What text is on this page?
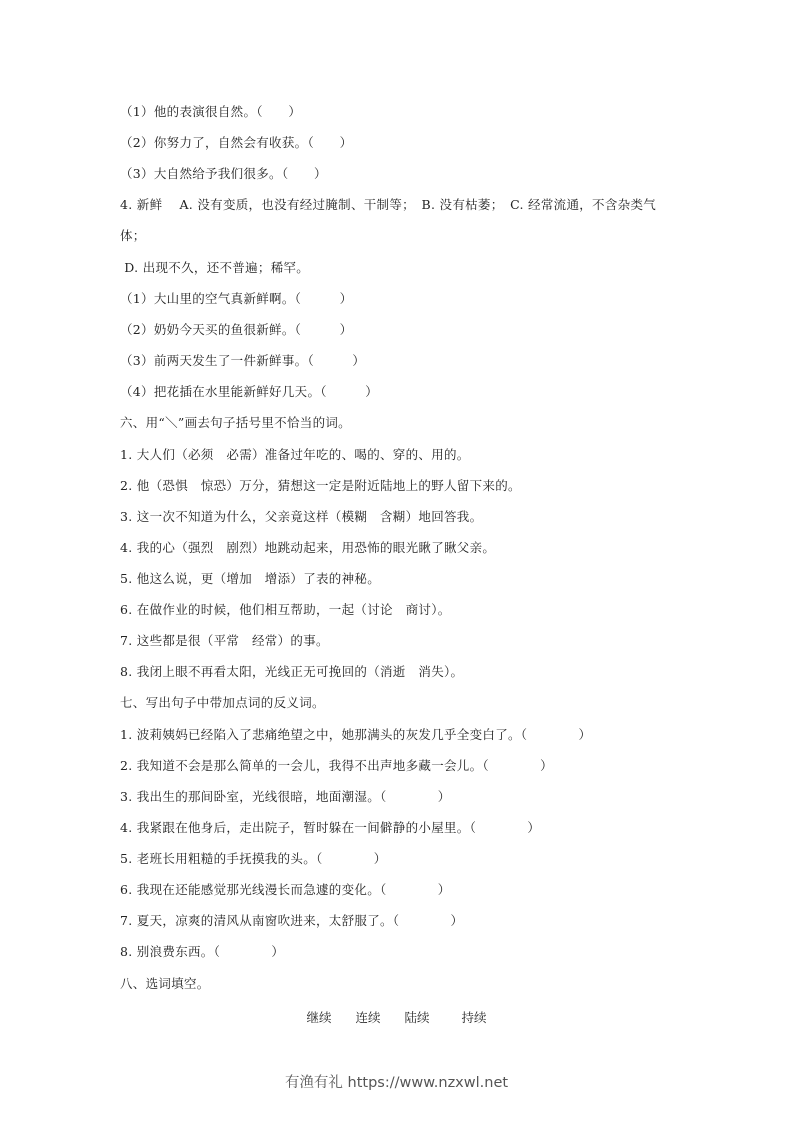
（1）他的表演很自然。（　　）
（2）你努力了，自然会有收获。（　　）
（3）大自然给予我们很多。（　　）
4. 新鲜　 A. 没有变质，也没有经过腌制、干制等；　B. 没有枯萎；　C. 经常流通，不含杂类气体；
D. 出现不久，还不普遍；稀罕。
（1）大山里的空气真新鲜啊。（　　　）
（2）奶奶今天买的鱼很新鲜。（　　　）
（3）前两天发生了一件新鲜事。（　　　）
（4）把花插在水里能新鲜好几天。（　　　）
六、用“＼”画去句子括号里不恰当的词。
1. 大人们（必须　必需）准备过年吃的、喝的、穿的、用的。
2. 他（恐惧　惊恐）万分，猜想这一定是附近陆地上的野人留下来的。
3. 这一次不知道为什么，父亲竟这样（模糊　含糊）地回答我。
4. 我的心（强烈　剧烈）地跳动起来，用恐怖的眼光瞅了瞅父亲。
5. 他这么说，更（增加　增添）了表的神秘。
6. 在做作业的时候，他们相互帮助，一起（讨论　商讨）。
7. 这些都是很（平常　经常）的事。
8. 我闭上眼不再看太阳，光线正无可挽回的（消逝　消失）。
七、写出句子中带加点词的反义词。
1. 波莉姨妈已经陷入了悲痛绝望之中，她那满头的灰发几乎全变白了。（　　　　）
2. 我知道不会是那么简单的一会儿，我得不出声地多藏一会儿。（　　　　）
3. 我出生的那间卧室，光线很暗，地面潮湿。（　　　　）
4. 我紧跟在他身后，走出院子，暂时躲在一间僻静的小屋里。（　　　　）
5. 老班长用粗糙的手抚摸我的头。（　　　　）
6. 我现在还能感觉那光线漫长而急遽的变化。（　　　　）
7. 夏天，凉爽的清风从南窗吹进来，太舒服了。（　　　　）
8. 别浪费东西。（　　　　）
八、选词填空。
继续 连续 陆续	持续
有渔有礼 https://www.nzxwl.net
